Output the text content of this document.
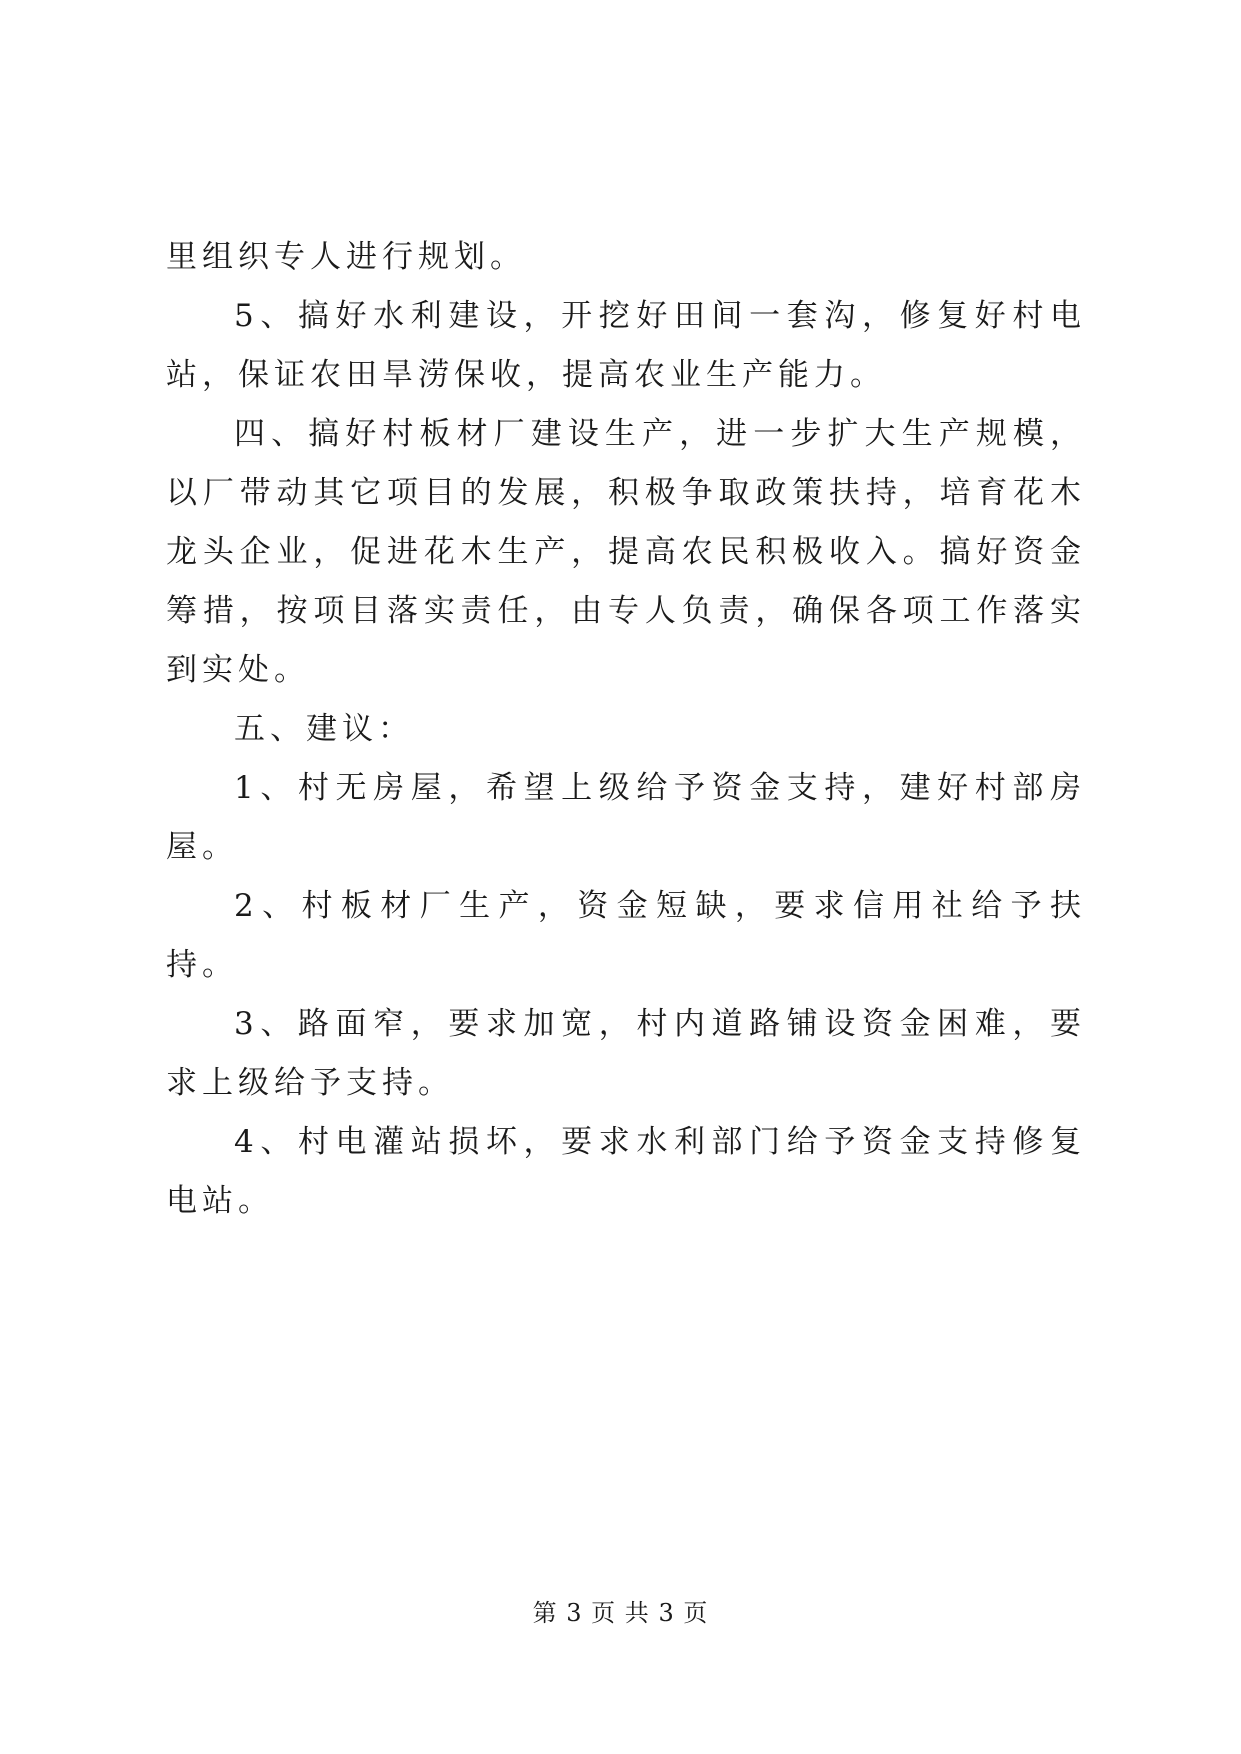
里组织专人进行规划。

5、搞好水利建设，开挖好田间一套沟，修复好村电站，保证农田旱涝保收，提高农业生产能力。

四、搞好村板材厂建设生产，进一步扩大生产规模，以厂带动其它项目的发展，积极争取政策扶持，培育花木龙头企业，促进花木生产，提高农民积极收入。搞好资金筹措，按项目落实责任，由专人负责，确保各项工作落实到实处。

五、建议：

1、村无房屋，希望上级给予资金支持，建好村部房屋。

2、村板材厂生产，资金短缺，要求信用社给予扶持。

3、路面窄，要求加宽，村内道路铺设资金困难，要求上级给予支持。

4、村电灌站损坏，要求水利部门给予资金支持修复电站。

第 3 页 共 3 页
